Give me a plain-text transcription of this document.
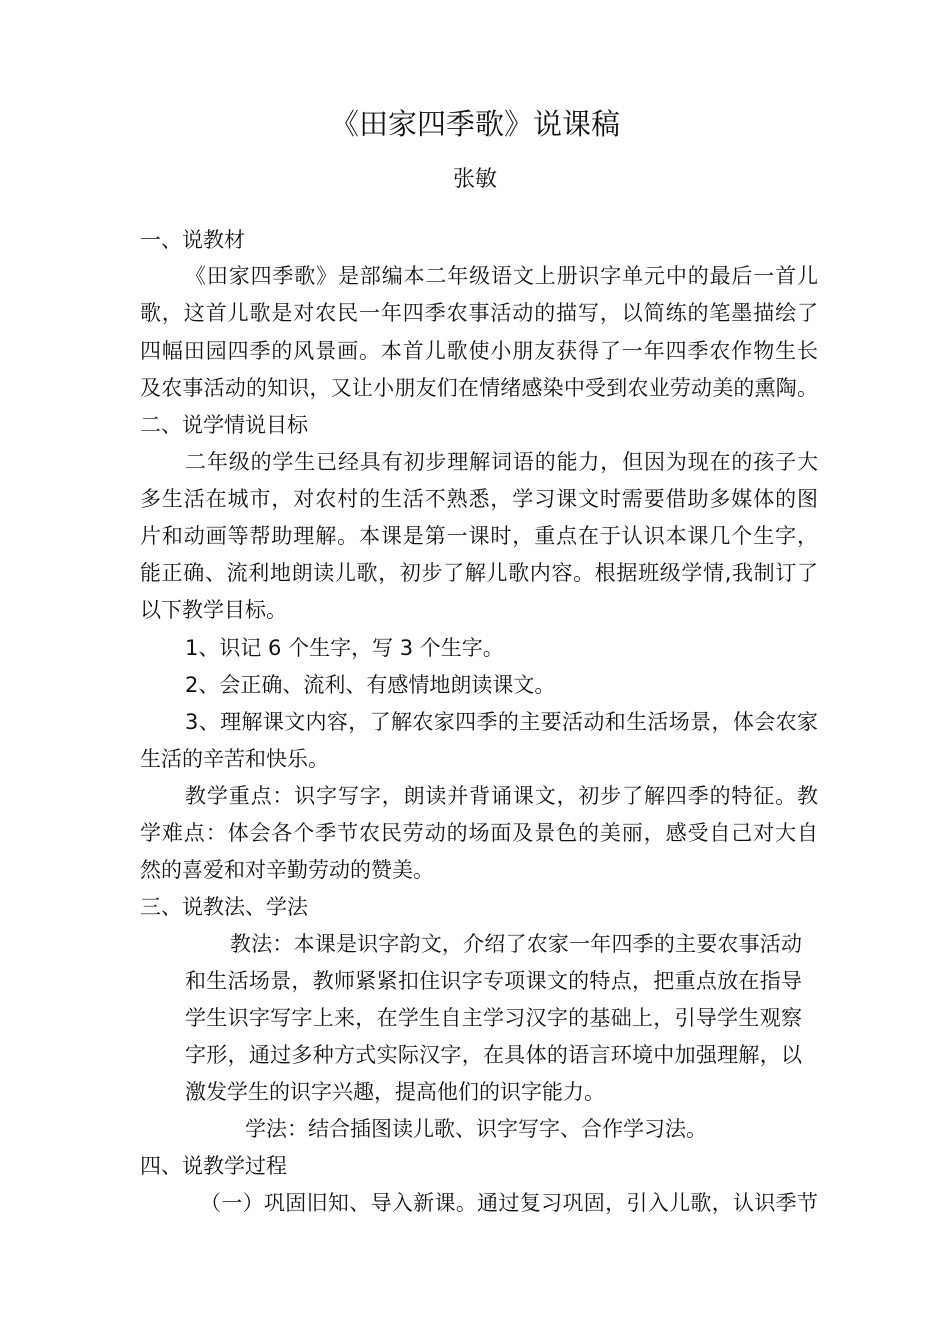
《田家四季歌》说课稿
张敏
一、说教材
《田家四季歌》是部编本二年级语文上册识字单元中的最后一首儿
歌，这首儿歌是对农民一年四季农事活动的描写，以简练的笔墨描绘了
四幅田园四季的风景画。本首儿歌使小朋友获得了一年四季农作物生长
及农事活动的知识，又让小朋友们在情绪感染中受到农业劳动美的熏陶。
二、说学情说目标
二年级的学生已经具有初步理解词语的能力，但因为现在的孩子大
多生活在城市，对农村的生活不熟悉，学习课文时需要借助多媒体的图
片和动画等帮助理解。本课是第一课时，重点在于认识本课几个生字，
能正确、流利地朗读儿歌，初步了解儿歌内容。根据班级学情,我制订了
以下教学目标。
1、识记 6 个生字，写 3 个生字。
2、会正确、流利、有感情地朗读课文。
3、理解课文内容，了解农家四季的主要活动和生活场景，体会农家
生活的辛苦和快乐。
教学重点：识字写字，朗读并背诵课文，初步了解四季的特征。教
学难点：体会各个季节农民劳动的场面及景色的美丽，感受自己对大自
然的喜爱和对辛勤劳动的赞美。
三、说教法、学法
教法：本课是识字韵文，介绍了农家一年四季的主要农事活动
和生活场景，教师紧紧扣住识字专项课文的特点，把重点放在指导
学生识字写字上来，在学生自主学习汉字的基础上，引导学生观察
字形，通过多种方式实际汉字，在具体的语言环境中加强理解，以
激发学生的识字兴趣，提高他们的识字能力。
学法：结合插图读儿歌、识字写字、合作学习法。
四、说教学过程
（一）巩固旧知、导入新课。通过复习巩固，引入儿歌，认识季节
